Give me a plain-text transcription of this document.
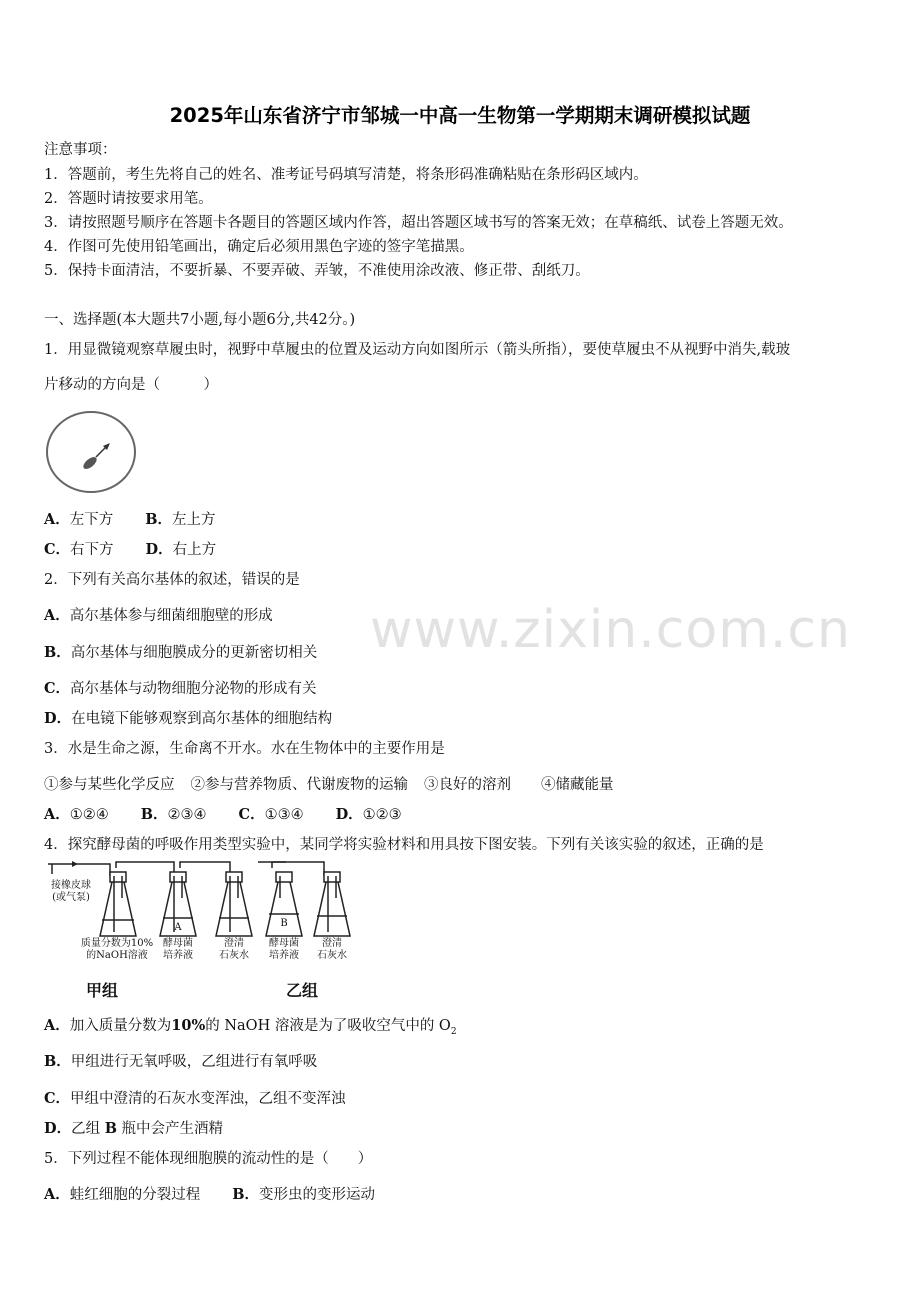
2025年山东省济宁市邹城一中高一生物第一学期期末调研模拟试题
注意事项：
1．答题前，考生先将自己的姓名、准考证号码填写清楚，将条形码准确粘贴在条形码区域内。
2．答题时请按要求用笔。
3．请按照题号顺序在答题卡各题目的答题区域内作答，超出答题区域书写的答案无效；在草稿纸、试卷上答题无效。
4．作图可先使用铅笔画出，确定后必须用黑色字迹的签字笔描黑。
5．保持卡面清洁，不要折暴、不要弄破、弄皱，不准使用涂改液、修正带、刮纸刀。
一、选择题(本大题共7小题,每小题6分,共42分。)
1．用显微镜观察草履虫时，视野中草履虫的位置及运动方向如图所示（箭头所指），要使草履虫不从视野中消失,载玻
片移动的方向是（　　　）
A．左下方 B．左上方
C．右下方 D．右上方
www.zixin.com.cn
2．下列有关高尔基体的叙述，错误的是
A．高尔基体参与细菌细胞壁的形成
B．高尔基体与细胞膜成分的更新密切相关
C．高尔基体与动物细胞分泌物的形成有关
D．在电镜下能够观察到高尔基体的细胞结构
3．水是生命之源，生命离不开水。水在生物体中的主要作用是
①参与某些化学反应 ②参与营养物质、代谢废物的运输 ③良好的溶剂 ④储藏能量
A．①②④ B．②③④ C．①③④ D．①②③
4．探究酵母菌的呼吸作用类型实验中，某同学将实验材料和用具按下图安装。下列有关该实验的叙述，正确的是
接橡皮球
(或气泵)
A	B
质量分数为10%
的NaOH溶液
酵母菌
培养液
澄清
石灰水
酵母菌
培养液
澄清
石灰水
甲组	乙组
A．加入质量分数为10%的 NaOH 溶液是为了吸收空气中的 $O_2$
B．甲组进行无氧呼吸，乙组进行有氧呼吸
C．甲组中澄清的石灰水变浑浊，乙组不变浑浊
D．乙组 B 瓶中会产生酒精
5．下列过程不能体现细胞膜的流动性的是（　　）
A．蛙红细胞的分裂过程 B．变形虫的变形运动
